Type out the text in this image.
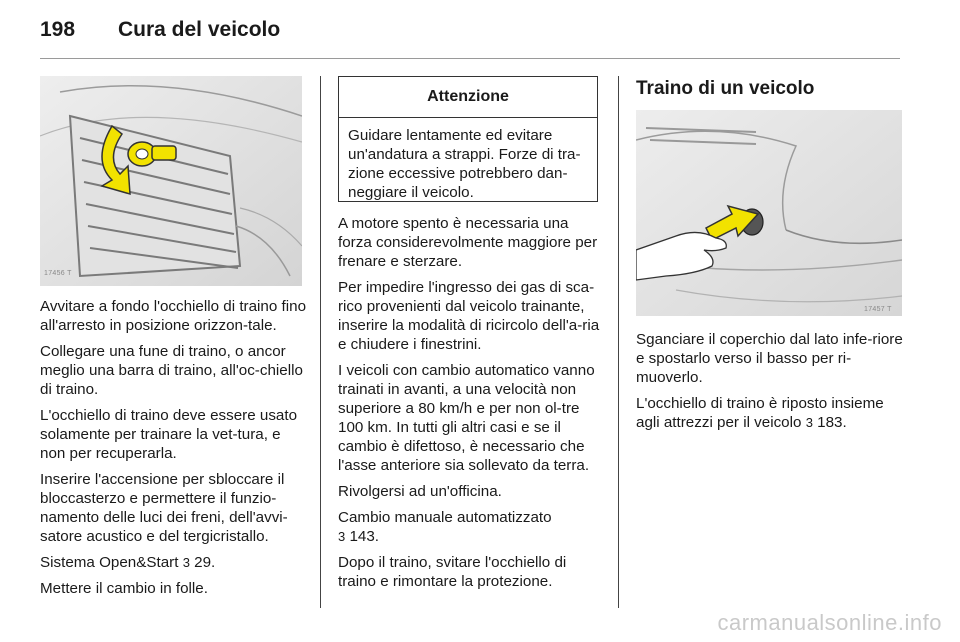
198	Cura del veicolo
17456 T

Avvitare a fondo l'occhiello di traino fino all'arresto in posizione orizzon-tale.

Collegare una fune di traino, o ancor meglio una barra di traino, all'oc-chiello di traino.

L'occhiello di traino deve essere usato solamente per trainare la vet-tura, e non per recuperarla.

Inserire l'accensione per sbloccare il bloccasterzo e permettere il funzio-namento delle luci dei freni, dell'avvi-satore acustico e del tergicristallo.

Sistema Open&Start 3 29.

Mettere il cambio in folle.

Attenzione
Guidare lentamente ed evitare un'andatura a strappi. Forze di tra-zione eccessive potrebbero dan-neggiare il veicolo.

A motore spento è necessaria una forza considerevolmente maggiore per frenare e sterzare.

Per impedire l'ingresso dei gas di sca-rico provenienti dal veicolo trainante, inserire la modalità di ricircolo dell'a-ria e chiudere i finestrini.

I veicoli con cambio automatico vanno trainati in avanti, a una velocità non superiore a 80 km/h e per non ol-tre 100 km. In tutti gli altri casi e se il cambio è difettoso, è necessario che l'asse anteriore sia sollevato da terra.

Rivolgersi ad un'officina.

Cambio manuale automatizzato
3 143.

Dopo il traino, svitare l'occhiello di traino e rimontare la protezione.

Traino di un veicolo
17457 T

Sganciare il coperchio dal lato infe-riore e spostarlo verso il basso per ri-muoverlo.

L'occhiello di traino è riposto insieme agli attrezzi per il veicolo 3 183.

carmanualsonline.info
